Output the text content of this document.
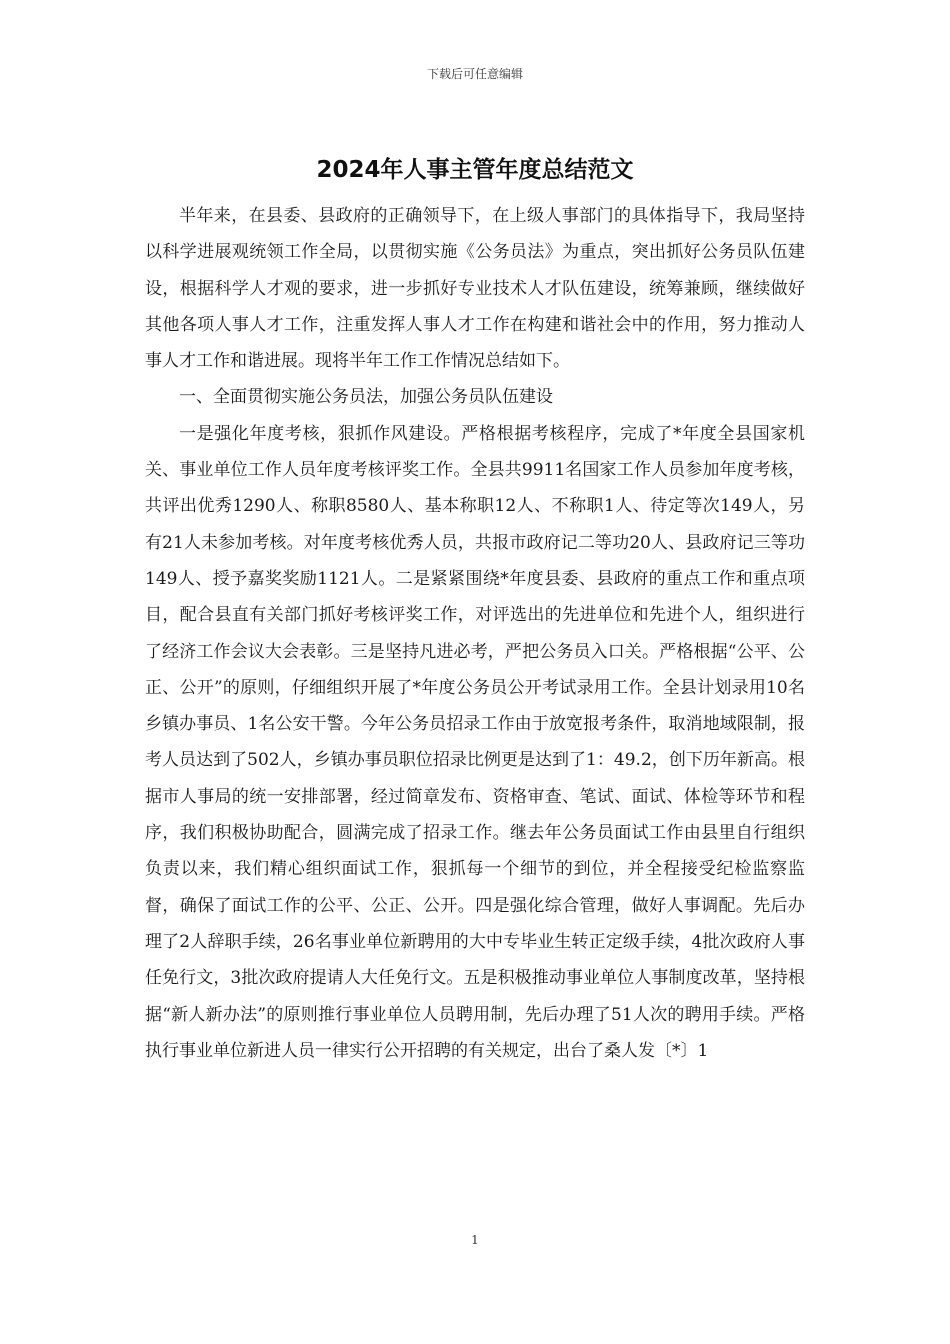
下载后可任意编辑
2024年人事主管年度总结范文

半年来，在县委、县政府的正确领导下，在上级人事部门的具体指导下，我局坚持以科学进展观统领工作全局，以贯彻实施《公务员法》为重点，突出抓好公务员队伍建设，根据科学人才观的要求，进一步抓好专业技术人才队伍建设，统筹兼顾，继续做好其他各项人事人才工作，注重发挥人事人才工作在构建和谐社会中的作用，努力推动人事人才工作和谐进展。现将半年工作工作情况总结如下。

一、全面贯彻实施公务员法，加强公务员队伍建设

一是强化年度考核，狠抓作风建设。严格根据考核程序，完成了*年度全县国家机关、事业单位工作人员年度考核评奖工作。全县共9911名国家工作人员参加年度考核，共评出优秀1290人、称职8580人、基本称职12人、不称职1人、待定等次149人，另有21人未参加考核。对年度考核优秀人员，共报市政府记二等功20人、县政府记三等功149人、授予嘉奖奖励1121人。二是紧紧围绕*年度县委、县政府的重点工作和重点项目，配合县直有关部门抓好考核评奖工作，对评选出的先进单位和先进个人，组织进行了经济工作会议大会表彰。三是坚持凡进必考，严把公务员入口关。严格根据“公平、公正、公开”的原则，仔细组织开展了*年度公务员公开考试录用工作。全县计划录用10名乡镇办事员、1名公安干警。今年公务员招录工作由于放宽报考条件，取消地域限制，报考人员达到了502人，乡镇办事员职位招录比例更是达到了1：49.2，创下历年新高。根据市人事局的统一安排部署，经过简章发布、资格审查、笔试、面试、体检等环节和程序，我们积极协助配合，圆满完成了招录工作。继去年公务员面试工作由县里自行组织负责以来，我们精心组织面试工作，狠抓每一个细节的到位，并全程接受纪检监察监督，确保了面试工作的公平、公正、公开。四是强化综合管理，做好人事调配。先后办理了2人辞职手续，26名事业单位新聘用的大中专毕业生转正定级手续，4批次政府人事任免行文，3批次政府提请人大任免行文。五是积极推动事业单位人事制度改革，坚持根据“新人新办法”的原则推行事业单位人员聘用制，先后办理了51人次的聘用手续。严格执行事业单位新进人员一律实行公开招聘的有关规定，出台了桑人发〔*〕1

1
